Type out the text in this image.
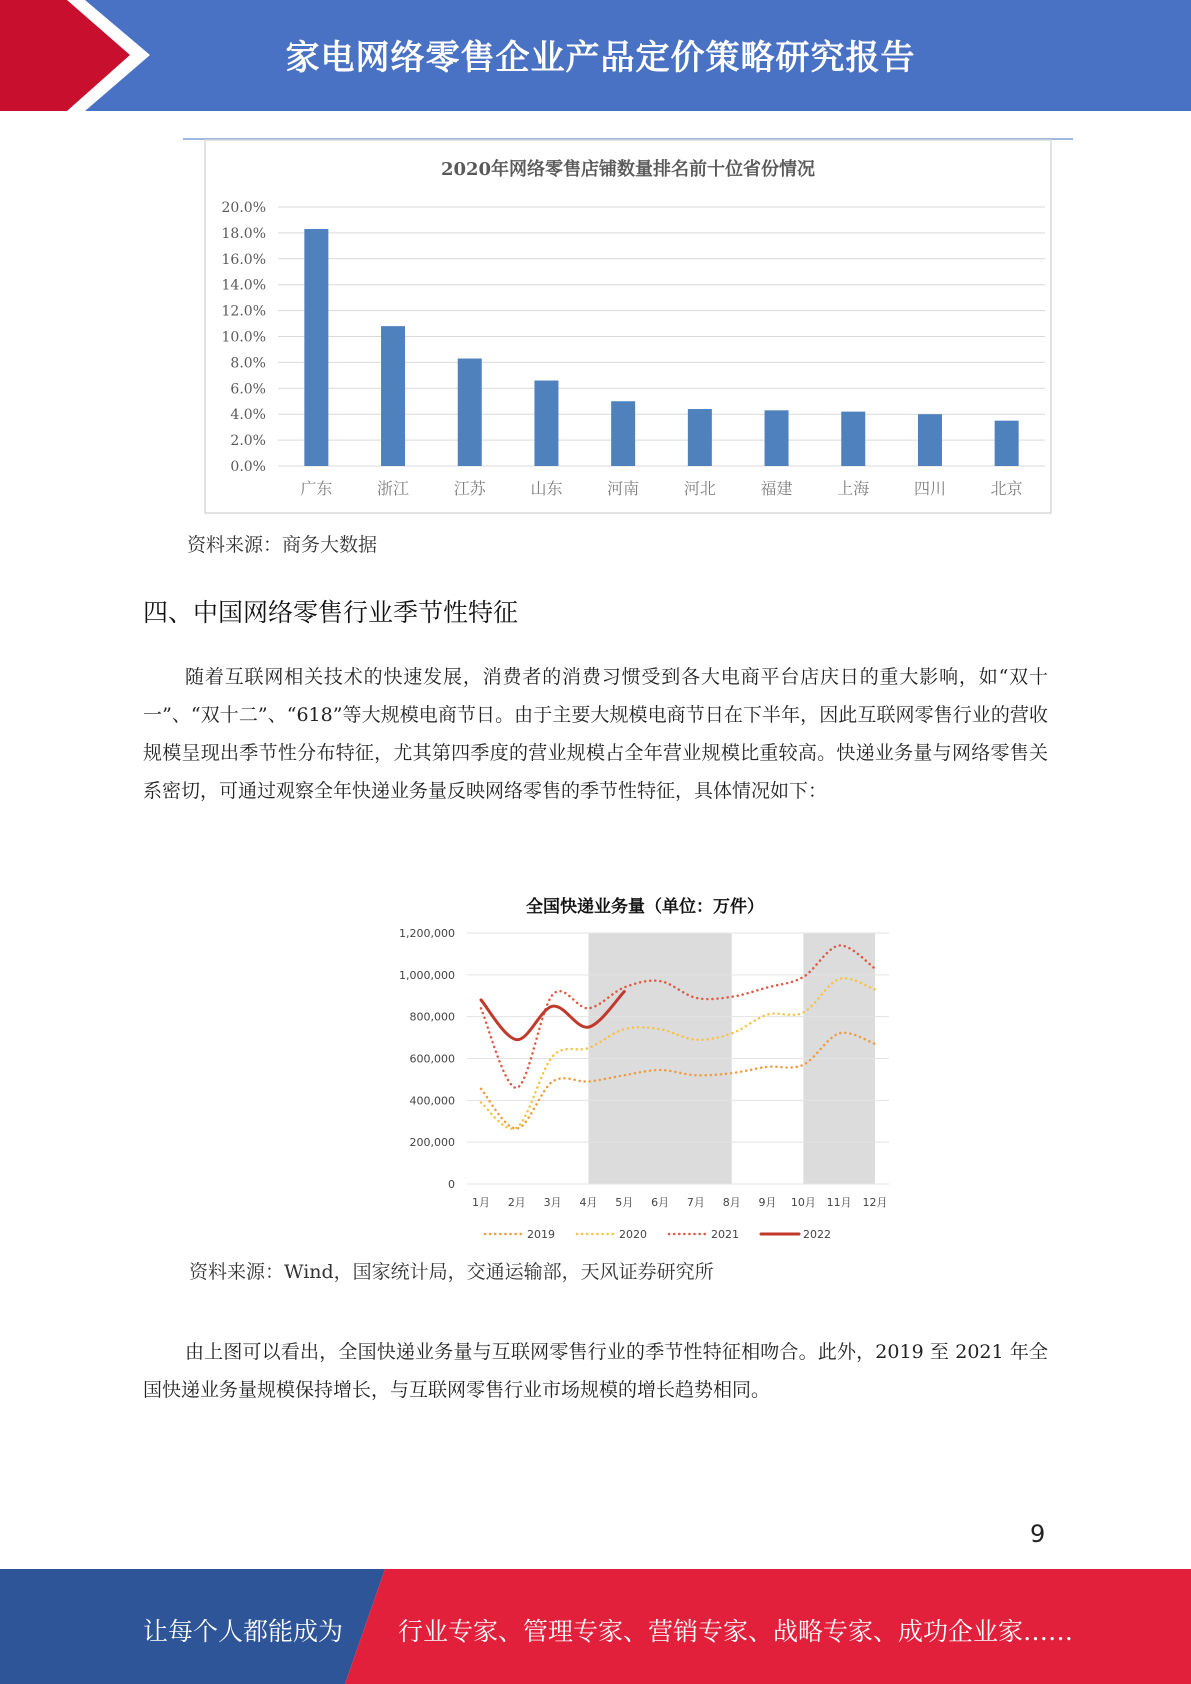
家电网络零售企业产品定价策略研究报告
2020年网络零售店铺数量排名前十位省份情况
0.0%
2.0%
4.0%
6.0%
8.0%
10.0%
12.0%
14.0%
16.0%
18.0%
20.0%
广东	浙江	江苏	山东	河南	河北	福建	上海	四川	北京
资料来源：商务大数据
四、中国网络零售行业季节性特征
随着互联网相关技术的快速发展，消费者的消费习惯受到各大电商平台店庆日的重大影响，如“双十一”、“双十二”、“618”等大规模电商节日。由于主要大规模电商节日在下半年，因此互联网零售行业的营收规模呈现出季节性分布特征，尤其第四季度的营业规模占全年营业规模比重较高。快递业务量与网络零售关系密切，可通过观察全年快递业务量反映网络零售的季节性特征，具体情况如下：
全国快递业务量（单位：万件）
0
200,000
400,000
600,000
800,000
1,000,000
1,200,000
1月 2月 3月 4月 5月 6月 7月 8月 9月 10月 11月 12月
2019	2020	2021	2022
资料来源：Wind，国家统计局，交通运输部，天风证券研究所
由上图可以看出，全国快递业务量与互联网零售行业的季节性特征相吻合。此外，2019 至 2021 年全国快递业务量规模保持增长，与互联网零售行业市场规模的增长趋势相同。
9
让每个人都能成为 行业专家、管理专家、营销专家、战略专家、成功企业家……
